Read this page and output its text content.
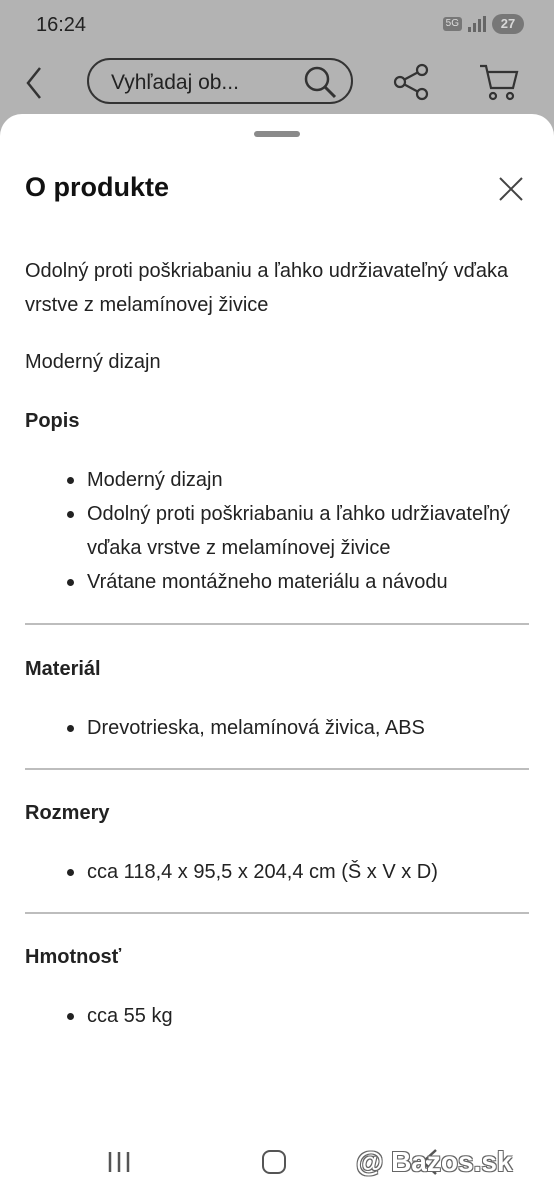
16:24	5G	27
Vyhľadaj ob...
O produkte

Odolný proti poškriabaniu a ľahko udržiavateľný vďaka vrstve z melamínovej živice

Moderný dizajn

Popis

Moderný dizajn
Odolný proti poškriabaniu a ľahko udržiavateľný vďaka vrstve z melamínovej živice
Vrátane montážneho materiálu a návodu

Materiál

Drevotrieska, melamínová živica, ABS

Rozmery

cca 118,4 x 95,5 x 204,4 cm (Š x V x D)

Hmotnosť

cca 55 kg
@ Bazos.sk
